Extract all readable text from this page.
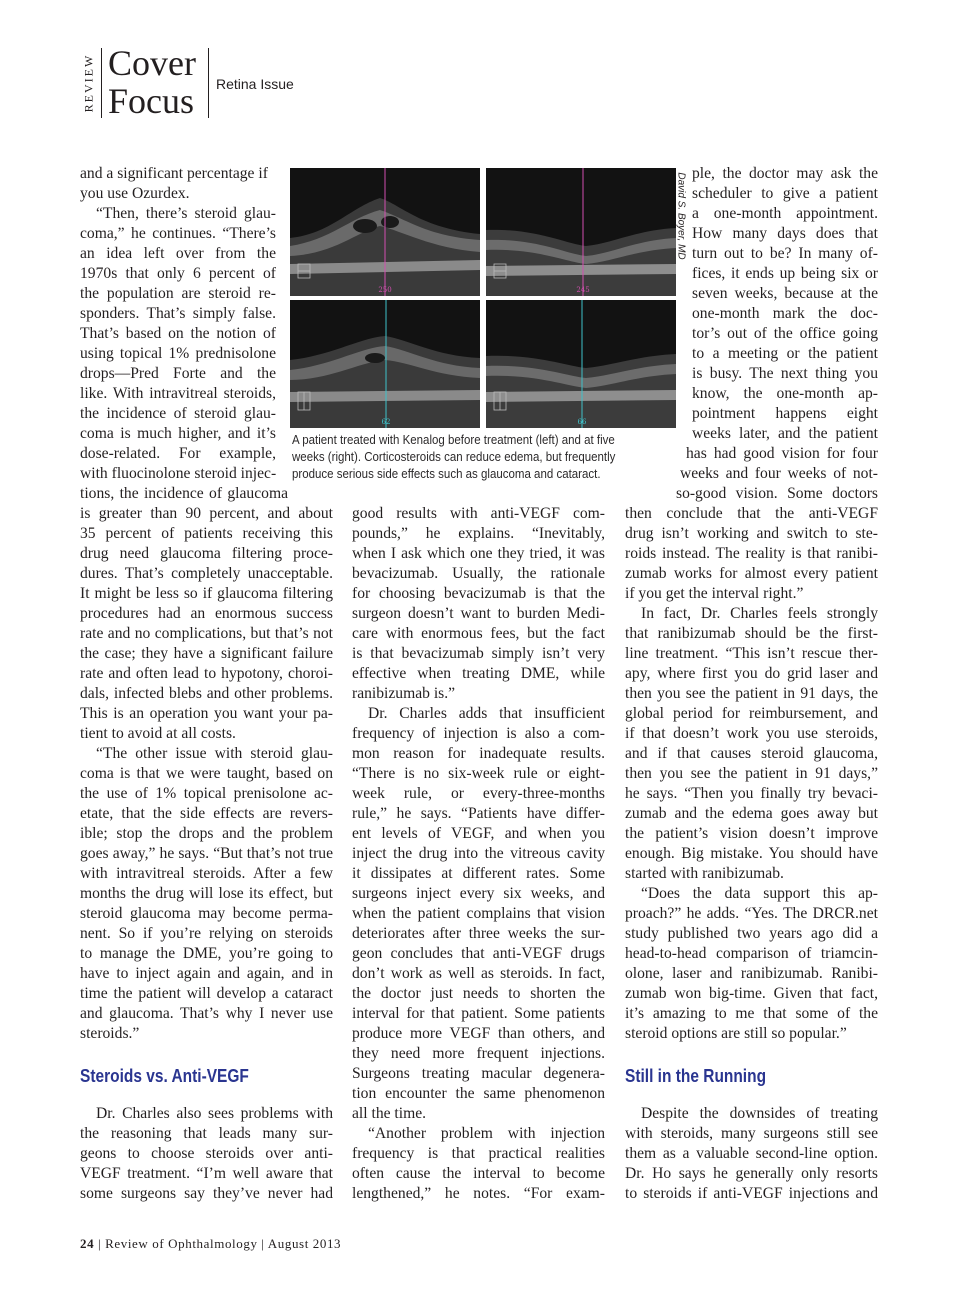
REVIEW Cover
Focus Retina Issue
250	245
62	66
David S. Boyer, MD
A patient treated with Kenalog before treatment (left) and at five
weeks (right). Corticosteroids can reduce edema, but frequently
produce serious side effects such as glaucoma and cataract.
and a significant percentage if
you use Ozurdex.
“Then, there’s steroid glau-
coma,” he continues. “There’s
an idea left over from the
1970s that only 6 percent of
the population are steroid re-
sponders. That’s simply false.
That’s based on the notion of
using topical 1% prednisolone
drops—Pred Forte and the
like. With intravitreal steroids,
the incidence of steroid glau-
coma is much higher, and it’s
dose-related. For example,
with fluocinolone steroid injec-
tions, the incidence of glaucoma
is greater than 90 percent, and about
35 percent of patients receiving this
drug need glaucoma filtering proce-
dures. That’s completely unacceptable.
It might be less so if glaucoma filtering
procedures had an enormous success
rate and no complications, but that’s not
the case; they have a significant failure
rate and often lead to hypotony, choroi-
dals, infected blebs and other problems.
This is an operation you want your pa-
tient to avoid at all costs.
“The other issue with steroid glau-
coma is that we were taught, based on
the use of 1% topical prenisolone ac-
etate, that the side effects are revers-
ible; stop the drops and the problem
goes away,” he says. “But that’s not true
with intravitreal steroids. After a few
months the drug will lose its effect, but
steroid glaucoma may become perma-
nent. So if you’re relying on steroids
to manage the DME, you’re going to
have to inject again and again, and in
time the patient will develop a cataract
and glaucoma. That’s why I never use
steroids.”
Steroids vs. Anti-VEGF
Dr. Charles also sees problems with
the reasoning that leads many sur-
geons to choose steroids over anti-
VEGF treatment. “I’m well aware that
some surgeons say they’ve never had
good results with anti-VEGF com-
pounds,” he explains. “Inevitably,
when I ask which one they tried, it was
bevacizumab. Usually, the rationale
for choosing bevacizumab is that the
surgeon doesn’t want to burden Medi-
care with enormous fees, but the fact
is that bevacizumab simply isn’t very
effective when treating DME, while
ranibizumab is.”
Dr. Charles adds that insufficient
frequency of injection is also a com-
mon reason for inadequate results.
“There is no six-week rule or eight-
week rule, or every-three-months
rule,” he says. “Patients have differ-
ent levels of VEGF, and when you
inject the drug into the vitreous cavity
it dissipates at different rates. Some
surgeons inject every six weeks, and
when the patient complains that vision
deteriorates after three weeks the sur-
geon concludes that anti-VEGF drugs
don’t work as well as steroids. In fact,
the doctor just needs to shorten the
interval for that patient. Some patients
produce more VEGF than others, and
they need more frequent injections.
Surgeons treating macular degenera-
tion encounter the same phenomenon
all the time.
“Another problem with injection
frequency is that practical realities
often cause the interval to become
lengthened,” he notes. “For exam-
ple, the doctor may ask the
scheduler to give a patient
a one-month appointment.
How many days does that
turn out to be? In many of-
fices, it ends up being six or
seven weeks, because at the
one-month mark the doc-
tor’s out of the office going
to a meeting or the patient
is busy. The next thing you
know, the one-month ap-
pointment happens eight
weeks later, and the patient
has had good vision for four
weeks and four weeks of not-
so-good vision. Some doctors
then conclude that the anti-VEGF
drug isn’t working and switch to ste-
roids instead. The reality is that ranibi-
zumab works for almost every patient
if you get the interval right.”
In fact, Dr. Charles feels strongly
that ranibizumab should be the first-
line treatment. “This isn’t rescue ther-
apy, where first you do grid laser and
then you see the patient in 91 days, the
global period for reimbursement, and
if that doesn’t work you use steroids,
and if that causes steroid glaucoma,
then you see the patient in 91 days,”
he says. “Then you finally try bevaci-
zumab and the edema goes away but
the patient’s vision doesn’t improve
enough. Big mistake. You should have
started with ranibizumab.
“Does the data support this ap-
proach?” he adds. “Yes. The DRCR.net
study published two years ago did a
head-to-head comparison of triamcin-
olone, laser and ranibizumab. Ranibi-
zumab won big-time. Given that fact,
it’s amazing to me that some of the
steroid options are still so popular.”
Still in the Running
Despite the downsides of treating
with steroids, many surgeons still see
them as a valuable second-line option.
Dr. Ho says he generally only resorts
to steroids if anti-VEGF injections and
24 | Review of Ophthalmology | August 2013
